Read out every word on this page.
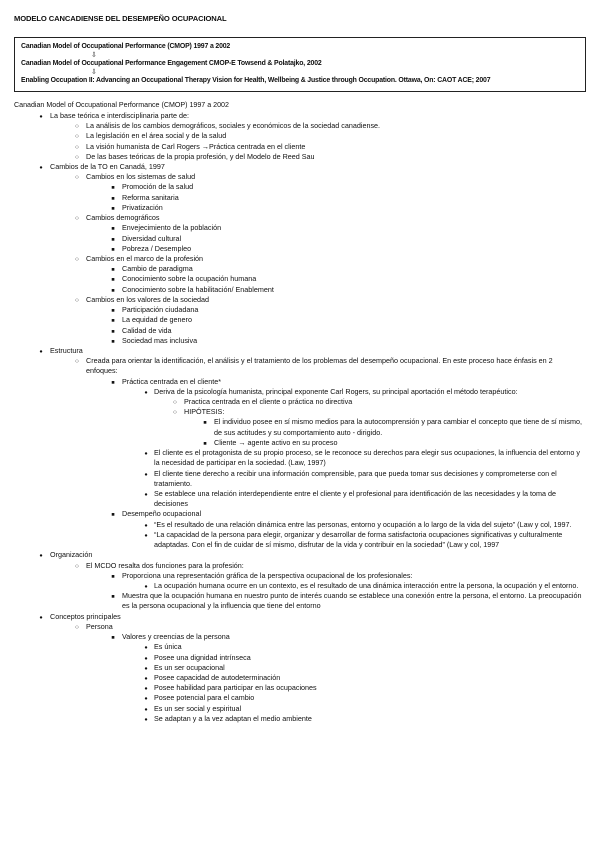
MODELO CANCADIENSE DEL DESEMPEÑO OCUPACIONAL
Canadian Model of Occupational Performance (CMOP) 1997 a 2002
⇩
Canadian Model of Occupational Performance Engagement CMOP-E Towsend & Polatajko, 2002
⇩
Enabling Occupation II: Advancing an Occupational Therapy Vision for Health, Wellbeing & Justice through Occupation. Ottawa, On: CAOT ACE; 2007
Canadian Model of Occupational Performance (CMOP) 1997 a 2002
●
La base teórica e interdisciplinaria parte de:
○
La análisis de los cambios demográficos, sociales y económicos de la sociedad canadiense.
○
La legislación en el área social y de la salud
○
La visión humanista de Carl Rogers →Práctica centrada en el cliente
○
De las bases teóricas de la propia profesión, y del Modelo de Reed Sau
●
Cambios de la TO en Canadá, 1997
○
Cambios en los sistemas de salud
■
Promoción de la salud
■
Reforma sanitaria
■
Privatización
○
Cambios demográficos
■
Envejecimiento de la población
■
Diversidad cultural
■
Pobreza / Desempleo
○
Cambios en el marco de la profesión
■
Cambio de paradigma
■
Conocimiento sobre la ocupación humana
■
Conocimiento sobre la habilitación/ Enablement
○
Cambios en los valores de la sociedad
■
Participación ciudadana
■
La equidad de genero
■
Calidad de vida
■
Sociedad mas inclusiva
●
Estructura
○
Creada para orientar la identificación, el análisis y el tratamiento de los problemas del desempeño ocupacional. En este proceso hace énfasis en 2 enfoques:
■
Práctica centrada en el cliente*
●
Deriva de la psicología humanista, principal exponente Carl Rogers, su principal aportación el método terapéutico:
○
Practica centrada en el cliente o práctica no directiva
○
HIPÓTESIS:
■
El individuo posee en sí mismo medios para la autocomprensión y para cambiar el concepto que tiene de sí mismo, de sus actitudes y su comportamiento auto - dirigido.
■
Cliente → agente activo en su proceso
●
El cliente es el protagonista de su propio proceso, se le reconoce su derechos para elegir sus ocupaciones, la influencia del entorno y la necesidad de participar en la sociedad. (Law, 1997)
●
El cliente tiene derecho a recibir una información comprensible, para que pueda tomar sus decisiones y comprometerse con el tratamiento.
●
Se establece una relación interdependiente entre el cliente y el profesional para identificación de las necesidades y la toma de decisiones
■
Desempeño ocupacional
●
“Es el resultado de una relación dinámica entre las personas, entorno y ocupación a lo largo de la vida del sujeto” (Law y col, 1997.
●
“La capacidad de la persona para elegir, organizar y desarrollar de forma satisfactoria ocupaciones significativas y culturalmente adaptadas. Con el fin de cuidar de sí mismo, disfrutar de la vida y contribuir en la sociedad” (Law y col, 1997
●
Organización
○
El MCDO resalta dos funciones para la profesión:
■
Proporciona una representación gráfica de la perspectiva ocupacional de los profesionales:
●
La ocupación humana ocurre en un contexto, es el resultado de una dinámica interacción entre la persona, la ocupación y el entorno.
■
Muestra que la ocupación humana en nuestro punto de interés cuando se establece una conexión entre la persona, el entorno. La preocupación es la persona ocupacional y la influencia que tiene del entorno
●
Conceptos principales
○
Persona
■
Valores y creencias de la persona
●
Es única
●
Posee una dignidad intrínseca
●
Es un ser ocupacional
●
Posee capacidad de autodeterminación
●
Posee habilidad para participar en las ocupaciones
●
Posee potencial para el cambio
●
Es un ser social y espiritual
●
Se adaptan y a la vez adaptan el medio ambiente
